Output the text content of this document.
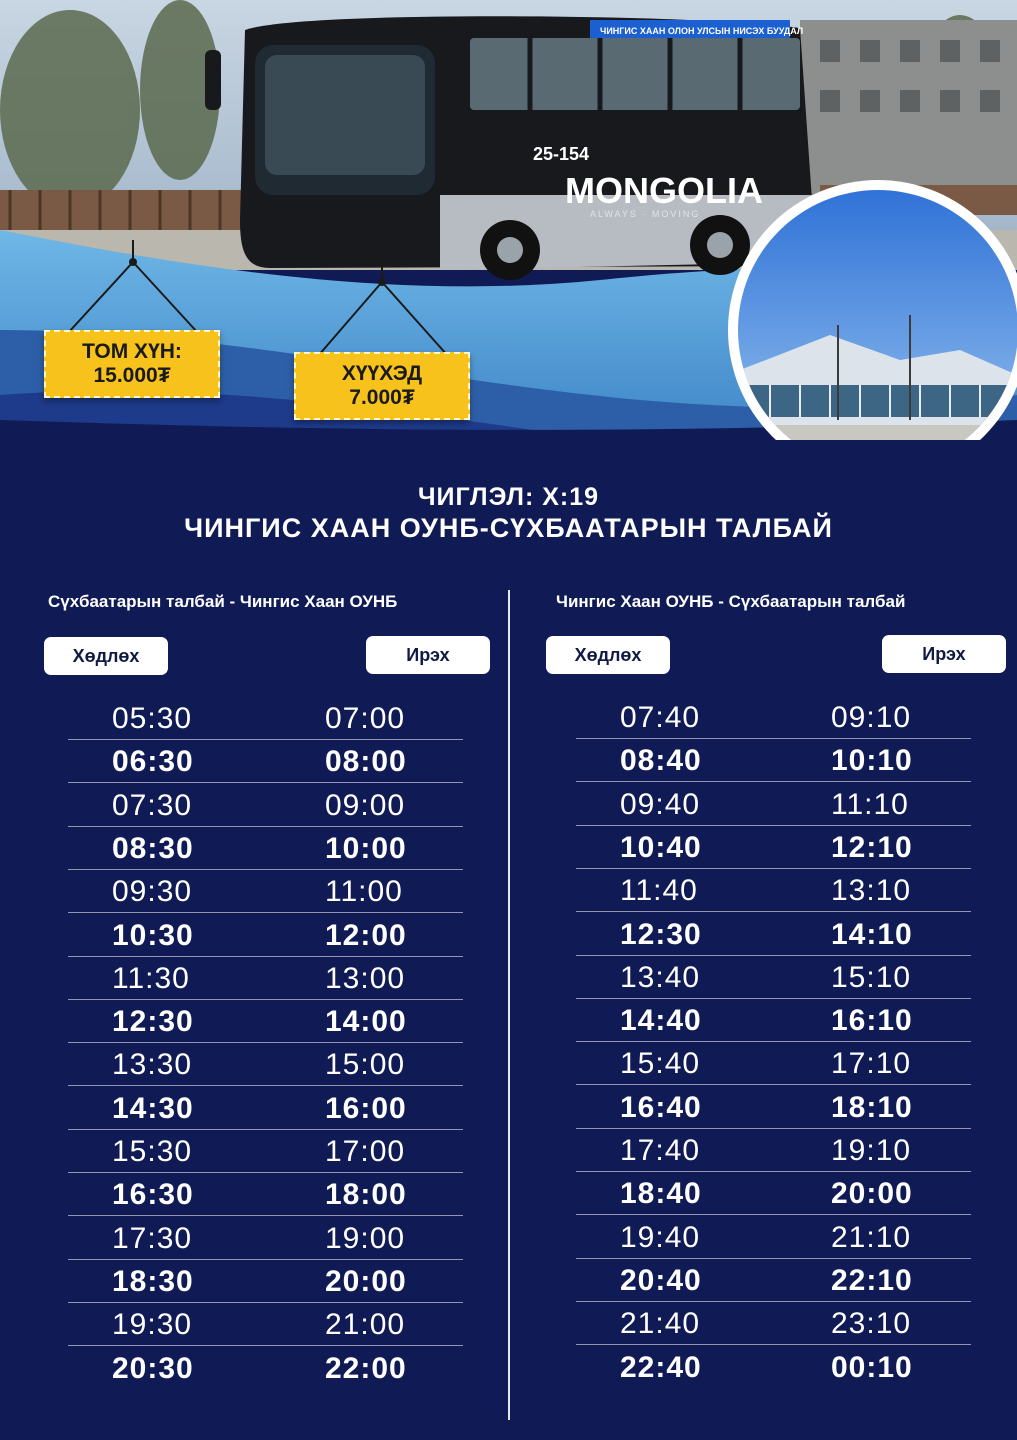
ЧИНГИС ХААН ОЛОН УЛСЫН НИСЭХ БУУДАЛ
25-154
MONGOLIA
ALWAYS · MOVING
ТОМ ХҮН:
15.000₮	ХҮҮХЭД
7.000₮
ЧИГЛЭЛ: Х:19
ЧИНГИС ХААН ОУНБ-СҮХБААТАРЫН ТАЛБАЙ
Сүхбаатарын талбай - Чингис Хаан ОУНБ
Хөдлөх	Ирэх
Чингис Хаан ОУНБ - Сүхбаатарын талбай
Хөдлөх	Ирэх
05:30	07:00
06:30	08:00
07:30	09:00
08:30	10:00
09:30	11:00
10:30	12:00
11:30	13:00
12:30	14:00
13:30	15:00
14:30	16:00
15:30	17:00
16:30	18:00
17:30	19:00
18:30	20:00
19:30	21:00
20:30	22:00
07:40	09:10
08:40	10:10
09:40	11:10
10:40	12:10
11:40	13:10
12:30	14:10
13:40	15:10
14:40	16:10
15:40	17:10
16:40	18:10
17:40	19:10
18:40	20:00
19:40	21:10
20:40	22:10
21:40	23:10
22:40	00:10
